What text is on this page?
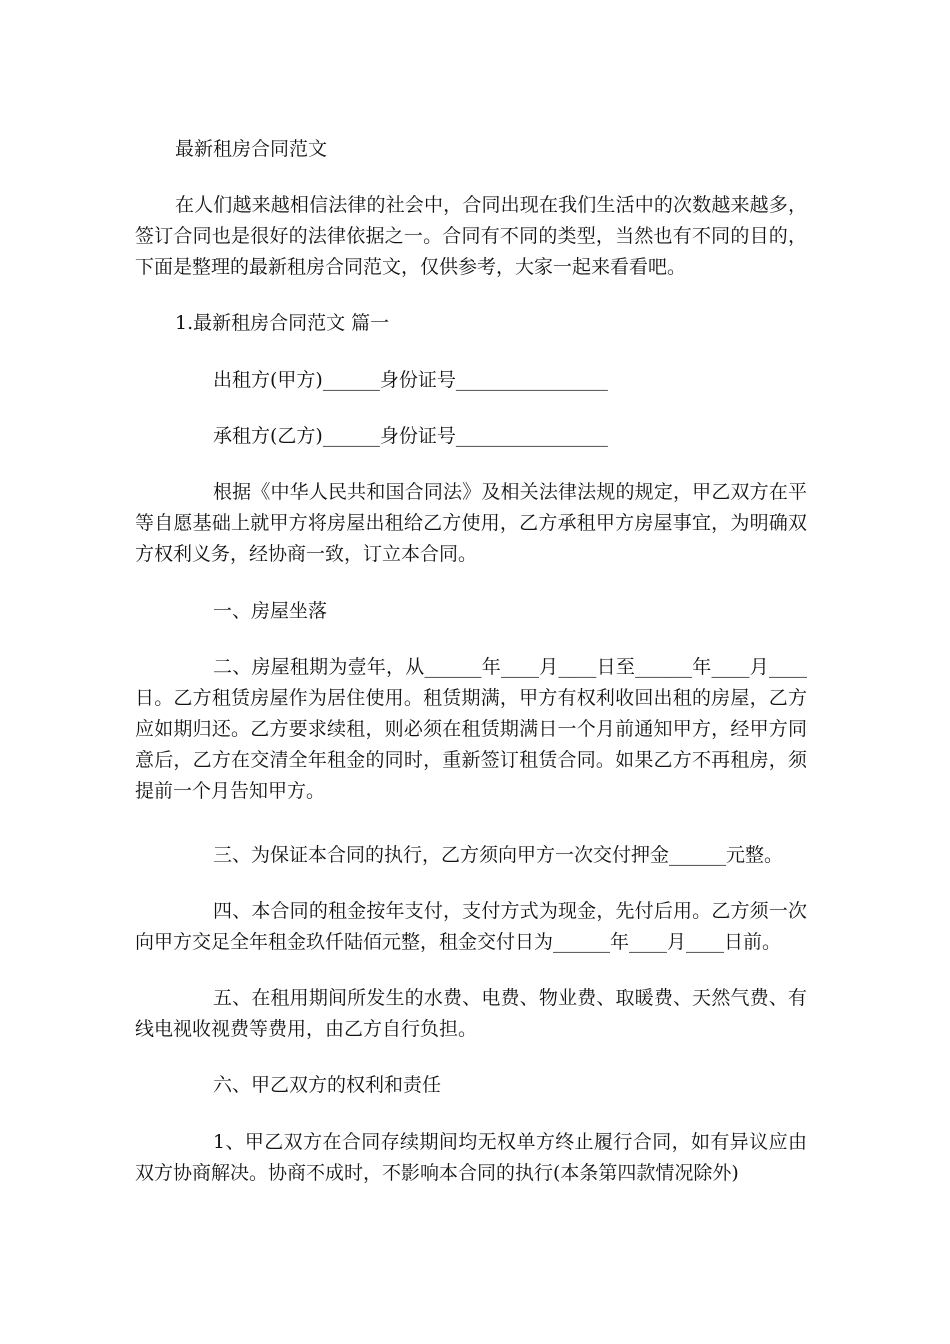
最新租房合同范文

在人们越来越相信法律的社会中，合同出现在我们生活中的次数越来越多，签订合同也是很好的法律依据之一。合同有不同的类型，当然也有不同的目的，下面是整理的最新租房合同范文，仅供参考，大家一起来看看吧。

1.最新租房合同范文 篇一

出租方(甲方)______身份证号________________

承租方(乙方)______身份证号________________

根据《中华人民共和国合同法》及相关法律法规的规定，甲乙双方在平等自愿基础上就甲方将房屋出租给乙方使用，乙方承租甲方房屋事宜，为明确双方权利义务，经协商一致，订立本合同。

一、房屋坐落

二、房屋租期为壹年，从______年____月____日至______年____月____日。乙方租赁房屋作为居住使用。租赁期满，甲方有权利收回出租的房屋，乙方应如期归还。乙方要求续租，则必须在租赁期满日一个月前通知甲方，经甲方同意后，乙方在交清全年租金的同时，重新签订租赁合同。如果乙方不再租房，须提前一个月告知甲方。

三、为保证本合同的执行，乙方须向甲方一次交付押金______元整。

四、本合同的租金按年支付，支付方式为现金，先付后用。乙方须一次向甲方交足全年租金玖仟陆佰元整，租金交付日为______年____月____日前。

五、在租用期间所发生的水费、电费、物业费、取暖费、天然气费、有线电视收视费等费用，由乙方自行负担。

六、甲乙双方的权利和责任

1、甲乙双方在合同存续期间均无权单方终止履行合同，如有异议应由双方协商解决。协商不成时，不影响本合同的执行(本条第四款情况除外)
